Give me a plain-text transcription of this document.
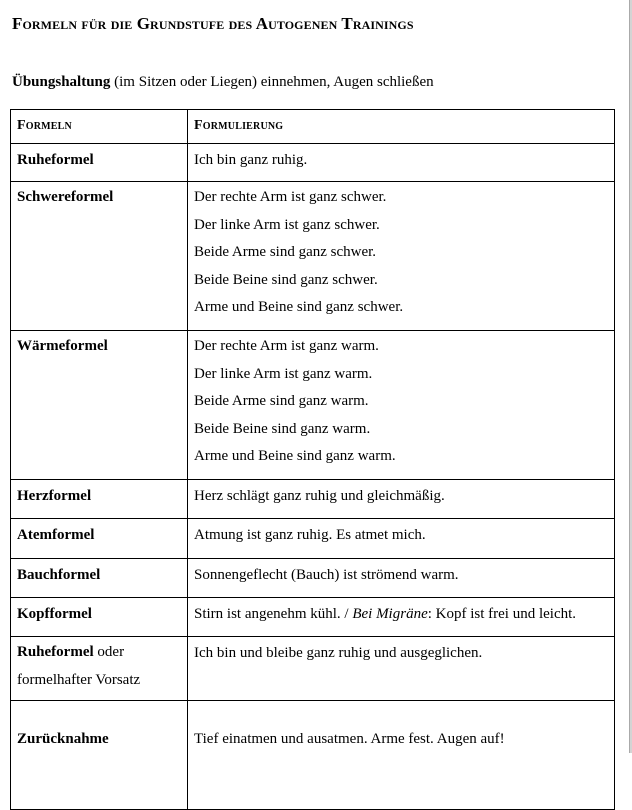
Formeln für die Grundstufe des Autogenen Trainings
Übungshaltung (im Sitzen oder Liegen) einnehmen, Augen schließen
Formeln	Formulierung
Ruheformel	Ich bin ganz ruhig.

Schwereformel	Der rechte Arm ist ganz schwer.
Der linke Arm ist ganz schwer.
Beide Arme sind ganz schwer.
Beide Beine sind ganz schwer.
Arme und Beine sind ganz schwer.

Wärmeformel	Der rechte Arm ist ganz warm.
Der linke Arm ist ganz warm.
Beide Arme sind ganz warm.
Beide Beine sind ganz warm.
Arme und Beine sind ganz warm.

Herzformel	Herz schlägt ganz ruhig und gleichmäßig.
Atemformel	Atmung ist ganz ruhig. Es atmet mich.
Bauchformel	Sonnengeflecht (Bauch) ist strömend warm.
Kopfformel	Stirn ist angenehm kühl. / Bei Migräne: Kopf ist frei und leicht.

Ruheformel oder
formelhafter Vorsatz	Ich bin und bleibe ganz ruhig und ausgeglichen.
Zurücknahme	Tief einatmen und ausatmen. Arme fest. Augen auf!
